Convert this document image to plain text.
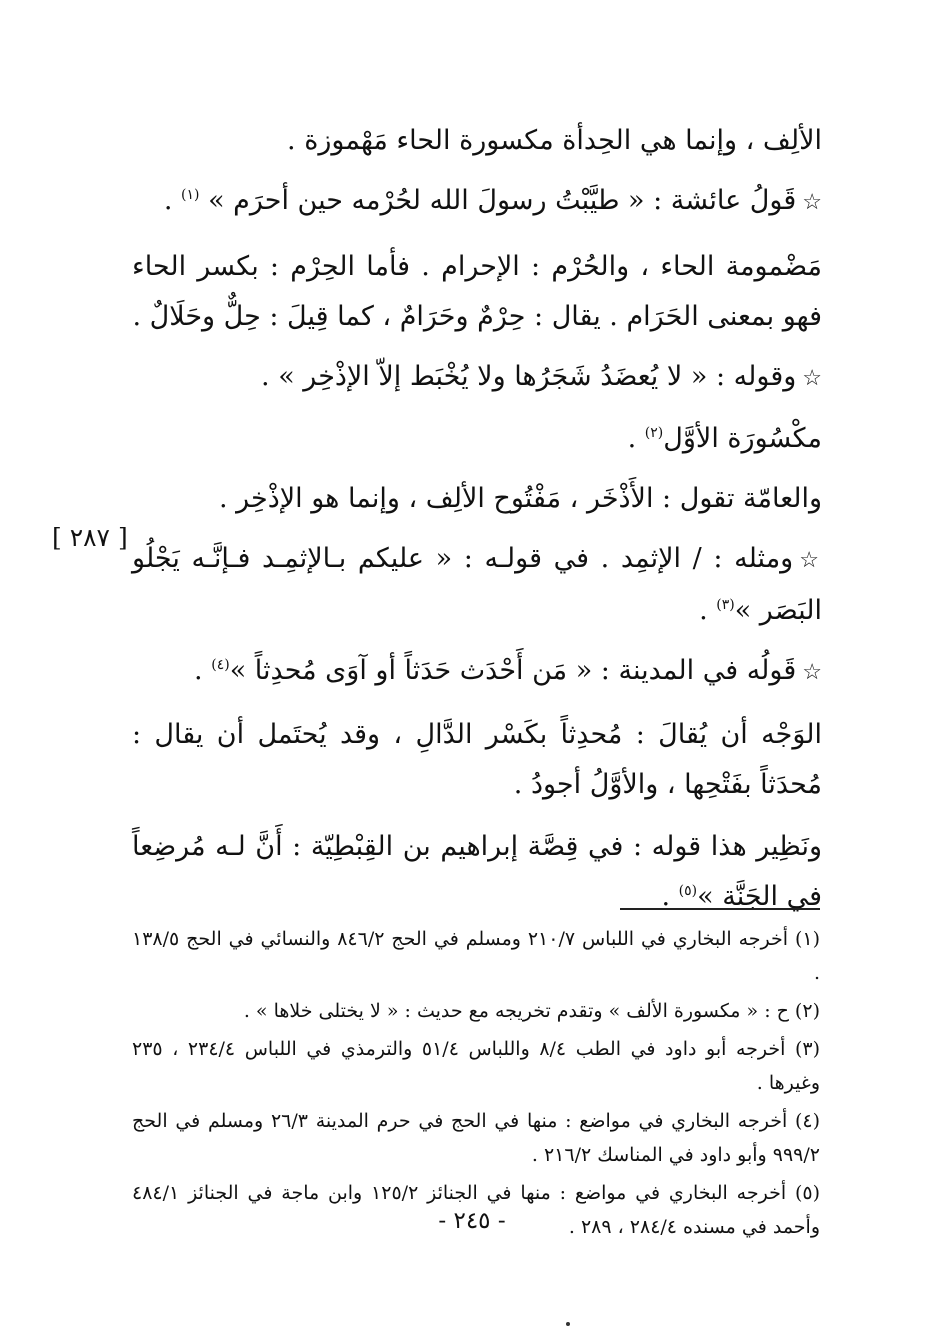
الألِف ، وإنما هي الحِدأة مكسورة الحاء مَهْموزة .

☆قَولُ عائشة : « طيَّبْتُ رسولَ الله لحُرْمه حين أحرَم » $^{(١)}$ .

مَضْمومة الحاء ، والحُرْم : الإحرام . فأما الحِرْم : بكسر الحاء فهو بمعنى الحَرَام . يقال : حِرْمٌ وحَرَامٌ ، كما قِيلَ : حِلٌّ وحَلَالٌ .

☆وقوله : « لا يُعضَدُ شَجَرُها ولا يُخْبَط إلاّ الإذْخِر » .

مكْسُورَة الأوَّل$^{(٢)}$ .

والعامّة تقول : الأَذْخَر ، مَفْتُوح الألِف ، وإنما هو الإذْخِر .

☆ومثله : / الإثمِد . في قولـه : « عليكم بـالإثمِـد فـإنَّـه يَجْلُو البَصَر »$^{(٣)}$ .

☆قَولُه في المدينة : « مَن أَحْدَث حَدَثاً أو آوَى مُحدِثاً »$^{(٤)}$ .

الوَجْه أن يُقالَ : مُحدِثاً بكَسْر الدَّالِ ، وقد يُحتَمل أن يقال : مُحدَثاً بفَتْحِها ، والأوَّلُ أجودُ .

ونَظِير هذا قوله : في قِصَّة إبراهيم بن القِبْطِيّة : أَنَّ لـه مُرضِعاً في الجَنَّة »$^{(٥)}$ .

[ ٢٨٧ ]

(١) أخرجه البخاري في اللباس ٢١٠/٧ ومسلم في الحج ٨٤٦/٢ والنسائي في الحج ١٣٨/٥ .

(٢) ح : « مكسورة الألف » وتقدم تخريجه مع حديث : « لا يختلى خلاها » .

(٣) أخرجه أبو داود في الطب ٨/٤ واللباس ٥١/٤ والترمذي في اللباس ٢٣٤/٤ ، ٢٣٥ وغيرها .

(٤) أخرجه البخاري في مواضع : منها في الحج في حرم المدينة ٢٦/٣ ومسلم في الحج ٩٩٩/٢ وأبو داود في المناسك ٢١٦/٢ .

(٥) أخرجه البخاري في مواضع : منها في الجنائز ١٢٥/٢ وابن ماجة في الجنائز ٤٨٤/١ وأحمد في مسنده ٢٨٤/٤ ، ٢٨٩ .

- ٢٤٥ -
